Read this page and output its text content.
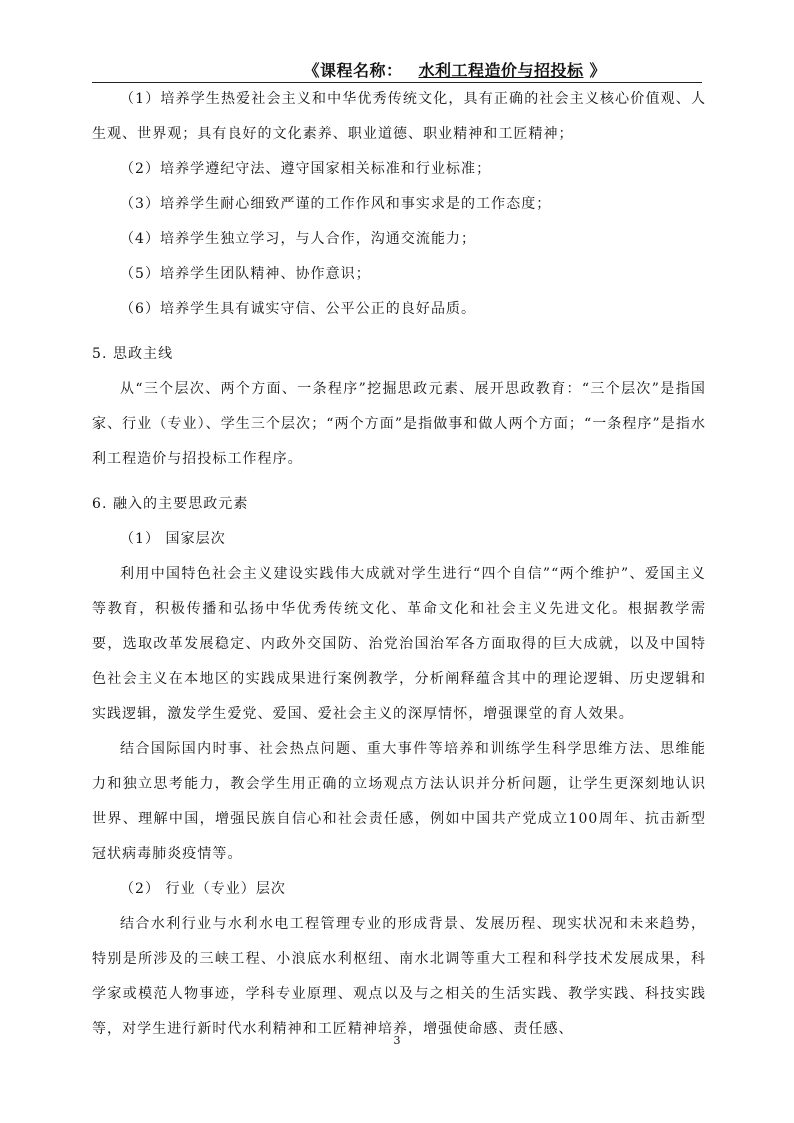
《课程名称： 水利工程造价与招投标 》

（1）培养学生热爱社会主义和中华优秀传统文化，具有正确的社会主义核心价值观、人生观、世界观；具有良好的文化素养、职业道德、职业精神和工匠精神；

（2）培养学遵纪守法、遵守国家相关标准和行业标准；

（3）培养学生耐心细致严谨的工作作风和事实求是的工作态度；

（4）培养学生独立学习，与人合作，沟通交流能力；

（5）培养学生团队精神、协作意识；

（6）培养学生具有诚实守信、公平公正的良好品质。

5. 思政主线

从“三个层次、两个方面、一条程序”挖掘思政元素、展开思政教育：“三个层次”是指国家、行业（专业）、学生三个层次；“两个方面”是指做事和做人两个方面；“一条程序”是指水利工程造价与招投标工作程序。

6. 融入的主要思政元素

（1） 国家层次

利用中国特色社会主义建设实践伟大成就对学生进行“四个自信”“两个维护”、爱国主义等教育，积极传播和弘扬中华优秀传统文化、革命文化和社会主义先进文化。根据教学需要，选取改革发展稳定、内政外交国防、治党治国治军各方面取得的巨大成就，以及中国特色社会主义在本地区的实践成果进行案例教学，分析阐释蕴含其中的理论逻辑、历史逻辑和实践逻辑，激发学生爱党、爱国、爱社会主义的深厚情怀，增强课堂的育人效果。

结合国际国内时事、社会热点问题、重大事件等培养和训练学生科学思维方法、思维能力和独立思考能力，教会学生用正确的立场观点方法认识并分析问题，让学生更深刻地认识世界、理解中国，增强民族自信心和社会责任感，例如中国共产党成立100周年、抗击新型冠状病毒肺炎疫情等。

（2） 行业（专业）层次

结合水利行业与水利水电工程管理专业的形成背景、发展历程、现实状况和未来趋势，特别是所涉及的三峡工程、小浪底水利枢纽、南水北调等重大工程和科学技术发展成果，科学家或模范人物事迹，学科专业原理、观点以及与之相关的生活实践、教学实践、科技实践等，对学生进行新时代水利精神和工匠精神培养，增强使命感、责任感、

3
